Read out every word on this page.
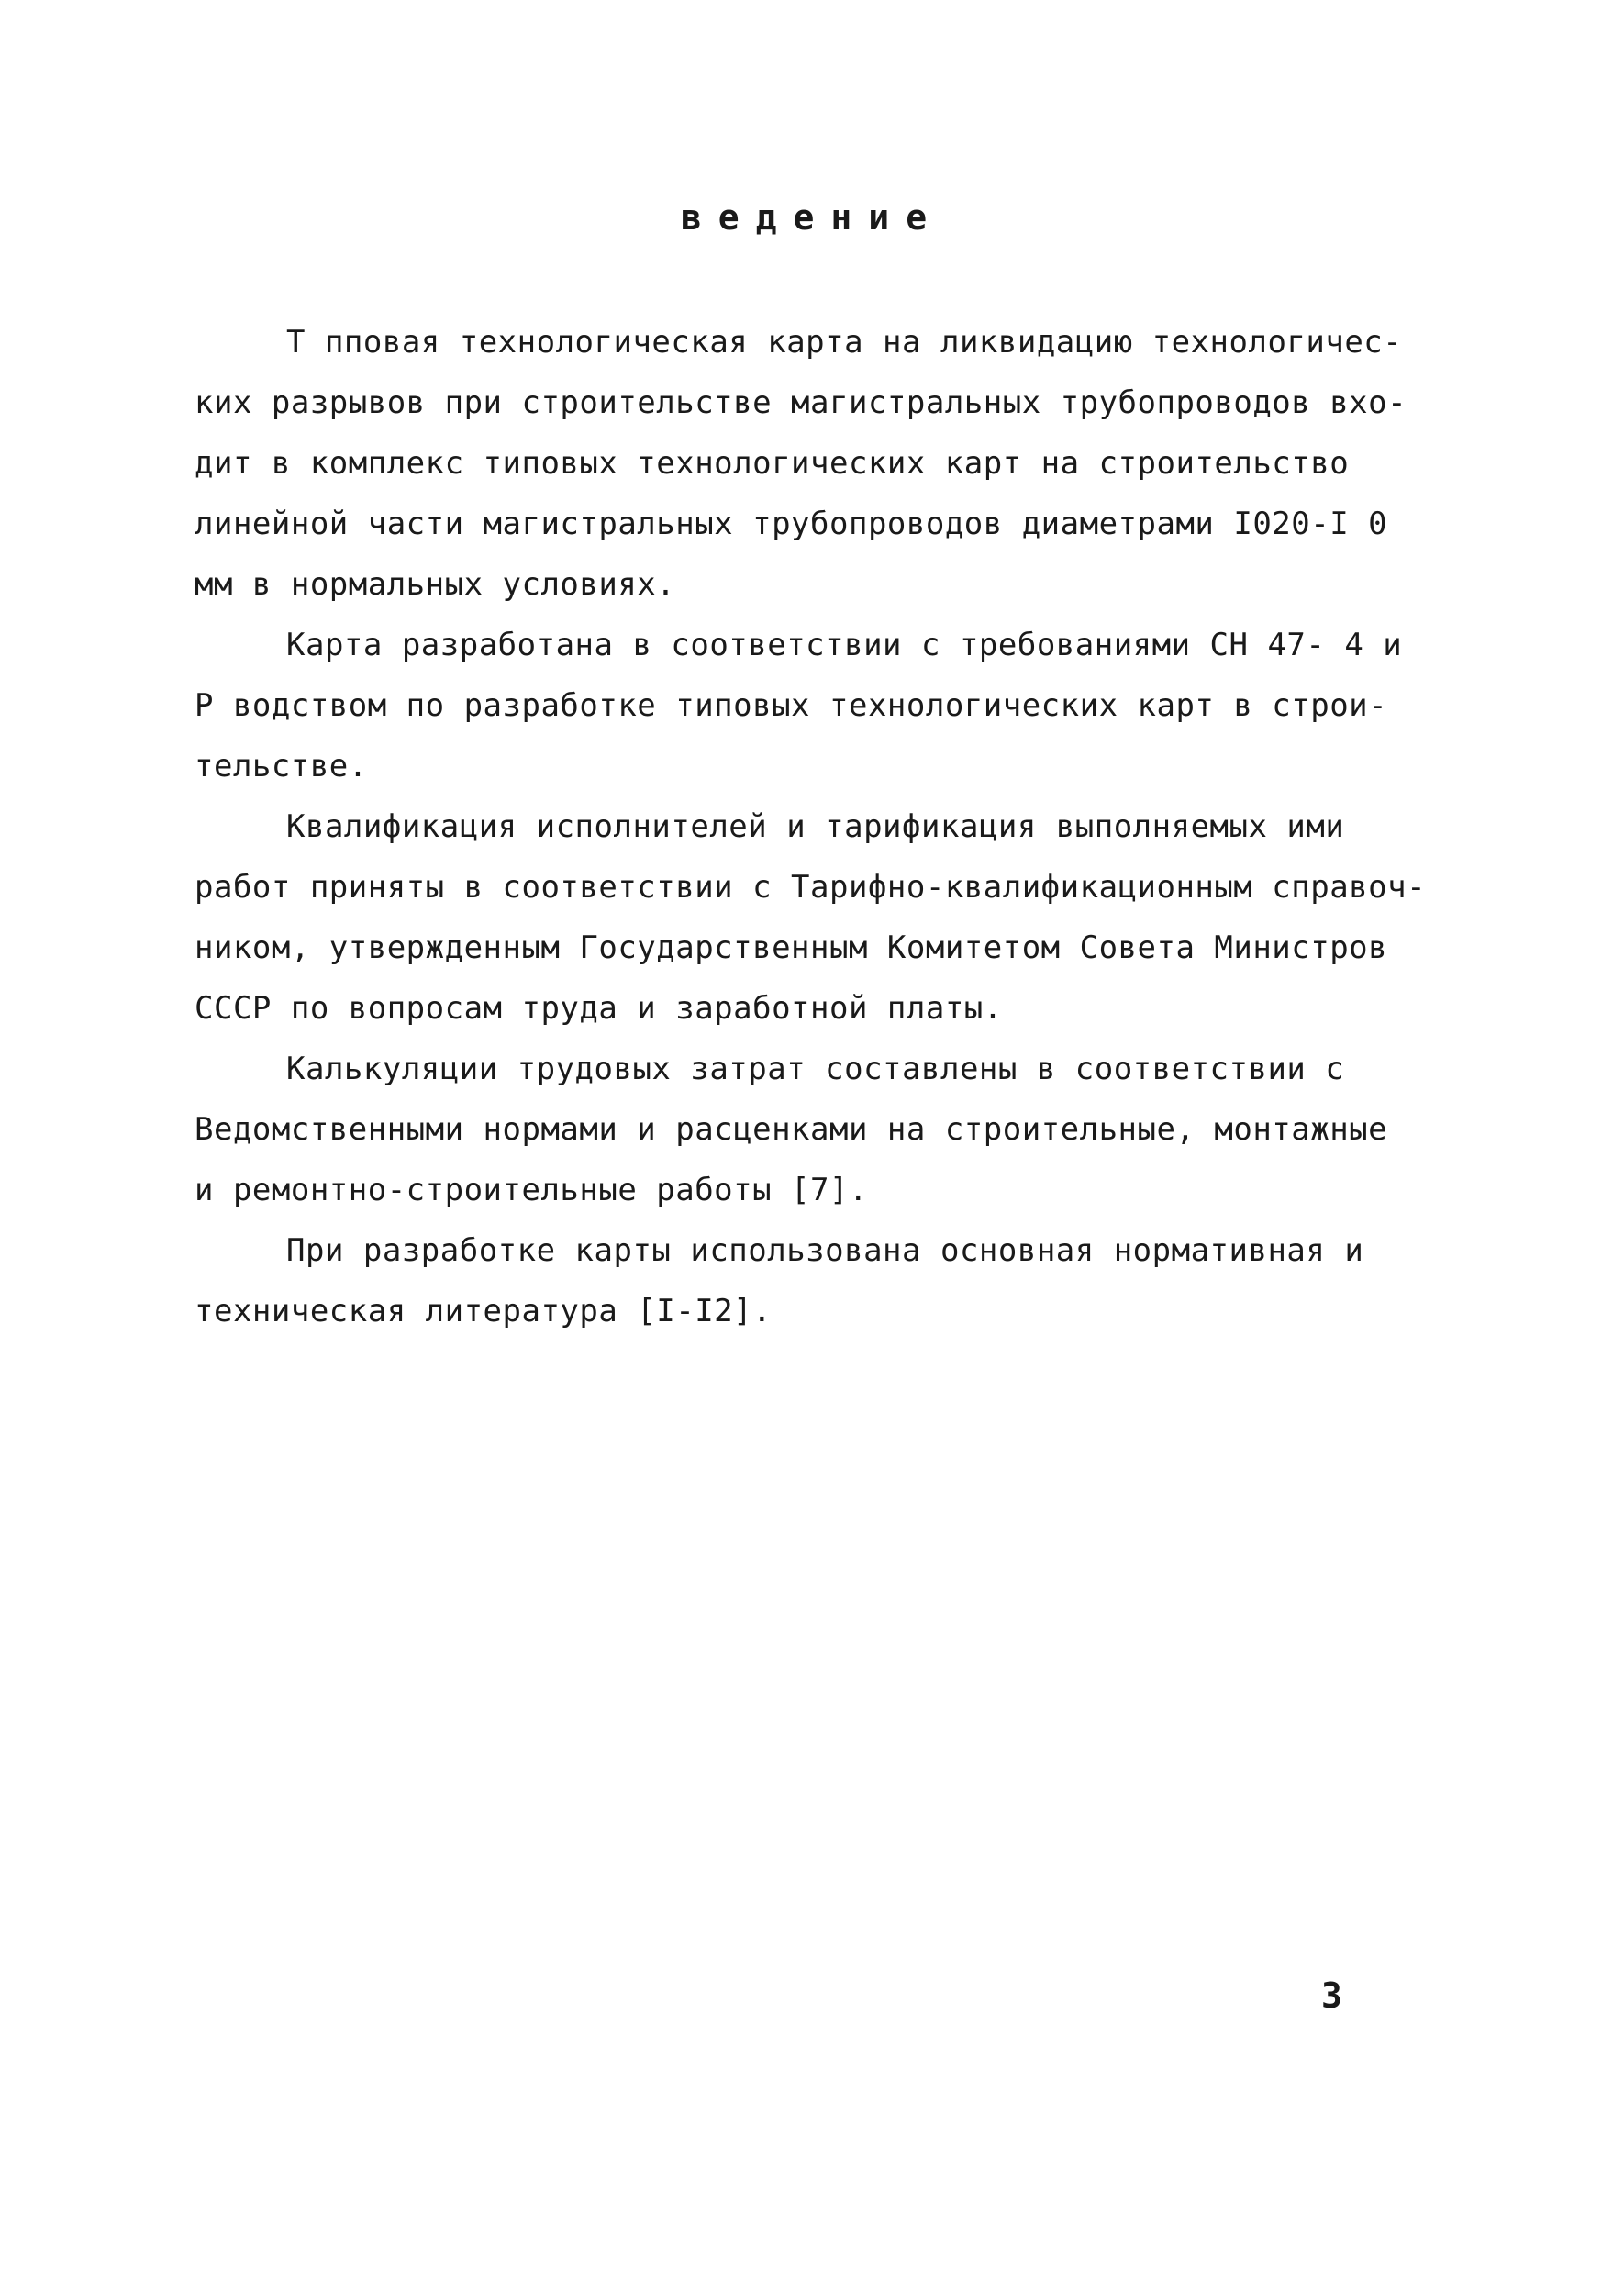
ведение
Т пповая технологическая карта на ликвидацию технологичес-
ких разрывов при строительстве магистральных трубопроводов вхо-
дит в комплекс типовых технологических карт на строительство
линейной части магистральных трубопроводов диаметрами I020-I 0
мм в нормальных условиях.
Карта разработана в соответствии с требованиями СН 47- 4 и
Р водством по разработке типовых технологических карт в строи-
тельстве.
Квалификация исполнителей и тарификация выполняемых ими
работ приняты в соответствии с Тарифно-квалификационным справоч-
ником, утвержденным Государственным Комитетом Совета Министров
СССР по вопросам труда и заработной платы.
Калькуляции трудовых затрат составлены в соответствии с
Ведомственными нормами и расценками на строительные, монтажные
и ремонтно-строительные работы [7].
При разработке карты использована основная нормативная и
техническая литература [I-I2].
3
